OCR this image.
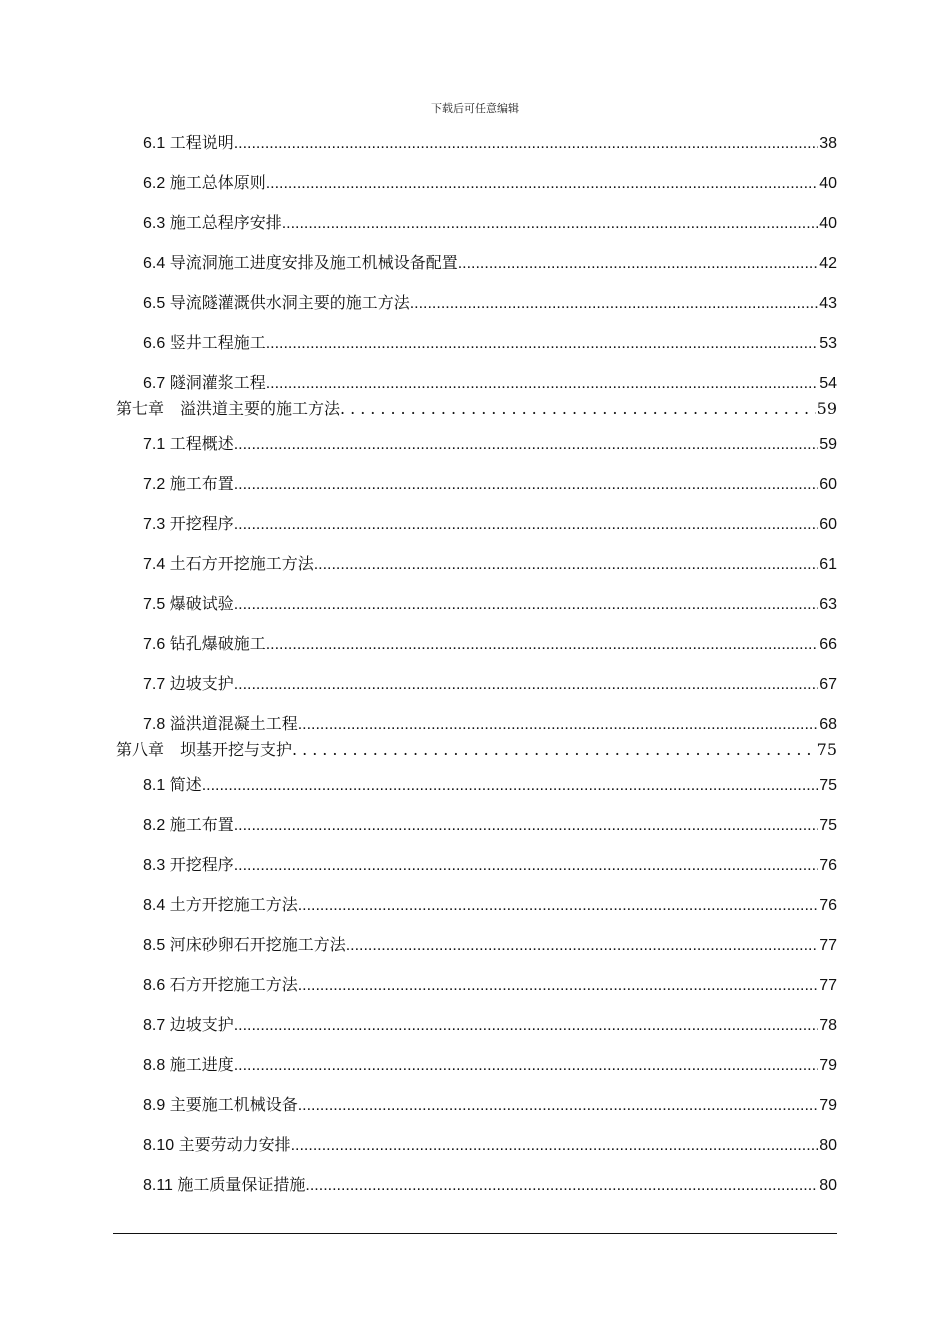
下载后可任意编辑
6.1 工程说明 .....	38
6.2 施工总体原则 .....	40
6.3 施工总程序安排 .....	40
6.4 导流洞施工进度安排及施工机械设备配置 .....	42
6.5 导流隧灌溉供水洞主要的施工方法 .....	43
6.6 竖井工程施工 .....	53
6.7 隧洞灌浆工程 .....	54
第七章　溢洪道主要的施工方法 .....	59
7.1 工程概述 .....	59
7.2 施工布置 .....	60
7.3 开挖程序 .....	60
7.4 土石方开挖施工方法 .....	61
7.5 爆破试验 .....	63
7.6 钻孔爆破施工 .....	66
7.7 边坡支护 .....	67
7.8 溢洪道混凝土工程 .....	68
第八章　坝基开挖与支护 .....	75
8.1 简述 .....	75
8.2 施工布置 .....	75
8.3 开挖程序 .....	76
8.4 土方开挖施工方法 .....	76
8.5 河床砂卵石开挖施工方法 .....	77
8.6 石方开挖施工方法 .....	77
8.7 边坡支护 .....	78
8.8 施工进度 .....	79
8.9 主要施工机械设备 .....	79
8.10 主要劳动力安排 .....	80
8.11 施工质量保证措施 .....	80
